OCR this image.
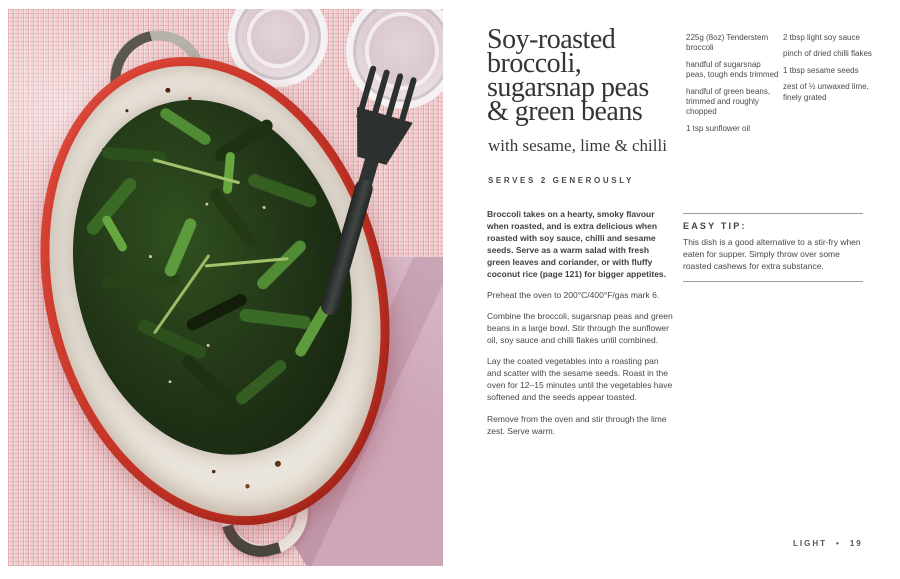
Soy-roasted
broccoli,
sugarsnap peas
& green beans
with sesame, lime & chilli
SERVES 2 GENEROUSLY

225g (8oz) Tenderstem broccoli

handful of sugarsnap peas, tough ends trimmed

handful of green beans, trimmed and roughly chopped

1 tsp sunflower oil

2 tbsp light soy sauce

pinch of dried chilli flakes

1 tbsp sesame seeds

zest of ½ unwaxed lime, finely grated

Broccoli takes on a hearty, smoky flavour when roasted, and is extra delicious when roasted with soy sauce, chilli and sesame seeds. Serve as a warm salad with fresh green leaves and coriander, or with fluffy coconut rice (page 121) for bigger appetites.

Preheat the oven to 200°C/400°F/gas mark 6.

Combine the broccoli, sugarsnap peas and green beans in a large bowl. Stir through the sunflower oil, soy sauce and chilli flakes until combined.

Lay the coated vegetables into a roasting pan and scatter with the sesame seeds. Roast in the oven for 12–15 minutes until the vegetables have softened and the seeds appear toasted.

Remove from the oven and stir through the lime zest. Serve warm.

EASY TIP:

This dish is a good alternative to a stir-fry when eaten for supper. Simply throw over some roasted cashews for extra substance.

LIGHT • 19
